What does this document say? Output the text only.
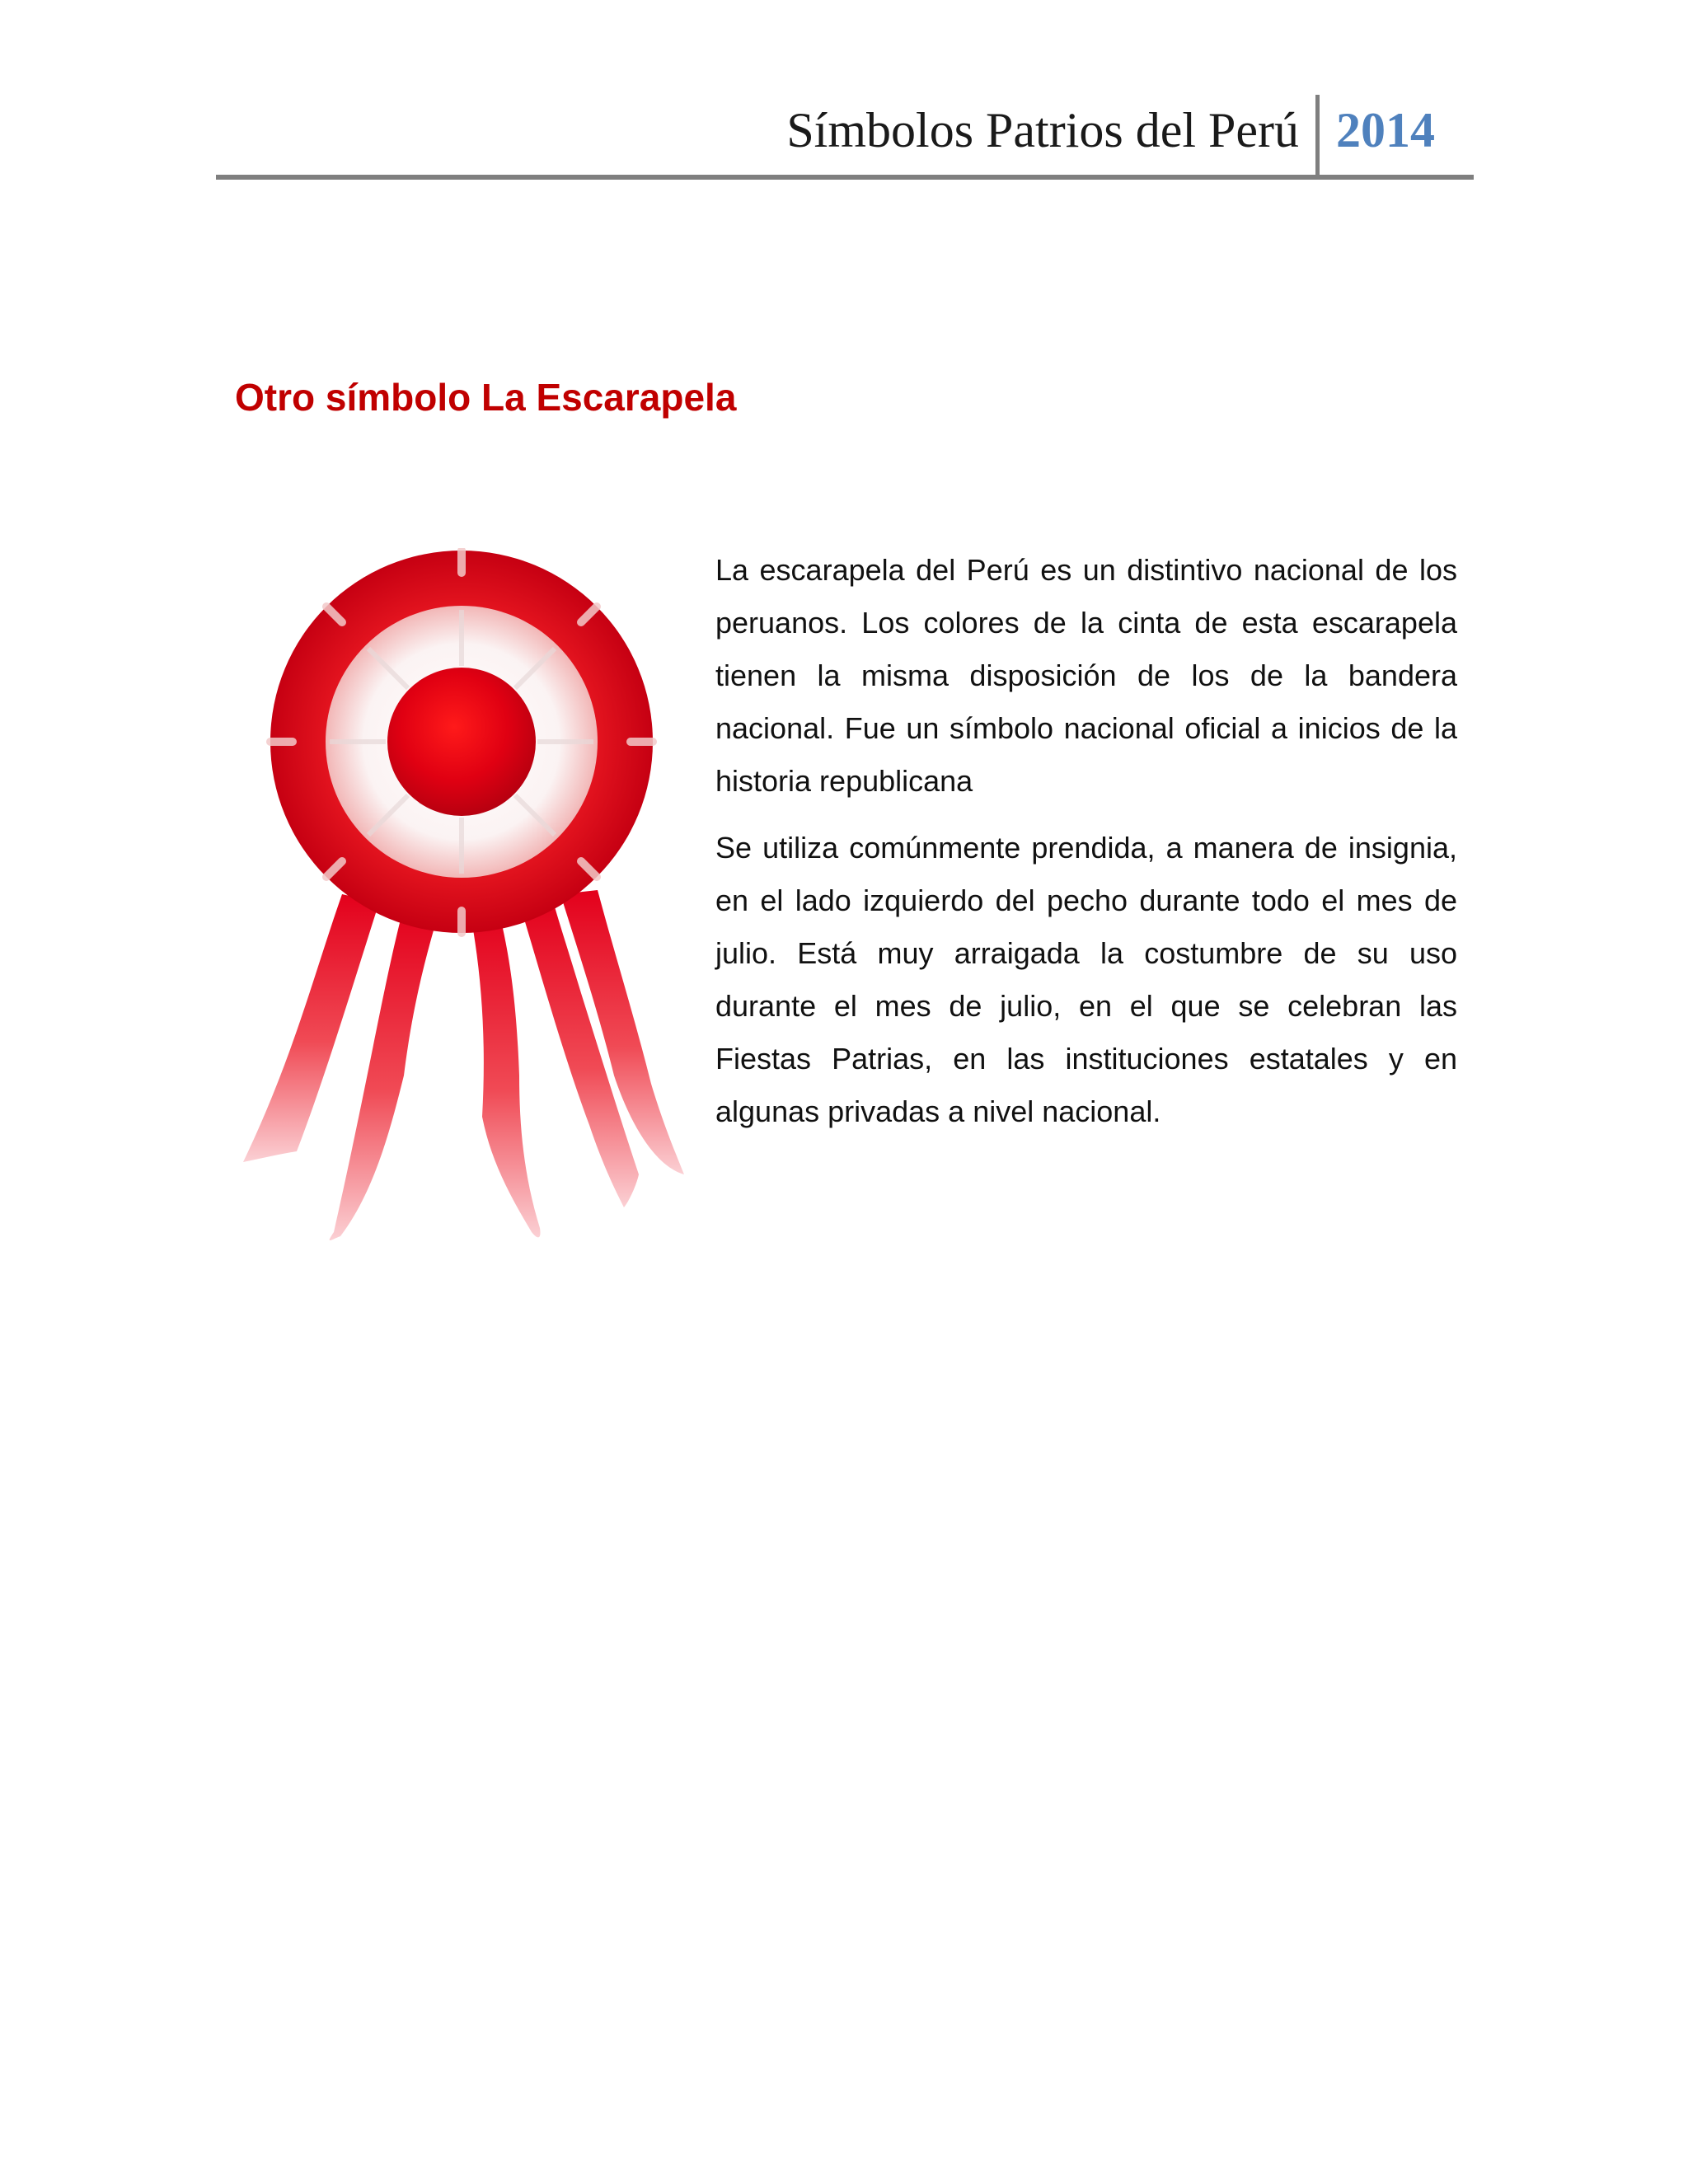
Símbolos Patrios del Perú 2014
Otro símbolo La Escarapela

La escarapela del Perú es un distintivo nacional de los peruanos. Los colores de la cinta de esta escarapela tienen la misma disposición de los de la bandera nacional. Fue un símbolo nacional oficial a inicios de la historia republicana

Se utiliza comúnmente prendida, a manera de insignia, en el lado izquierdo del pecho durante todo el mes de julio. Está muy arraigada la costumbre de su uso durante el mes de julio, en el que se celebran las Fiestas Patrias, en las instituciones estatales y en algunas privadas a nivel nacional.
